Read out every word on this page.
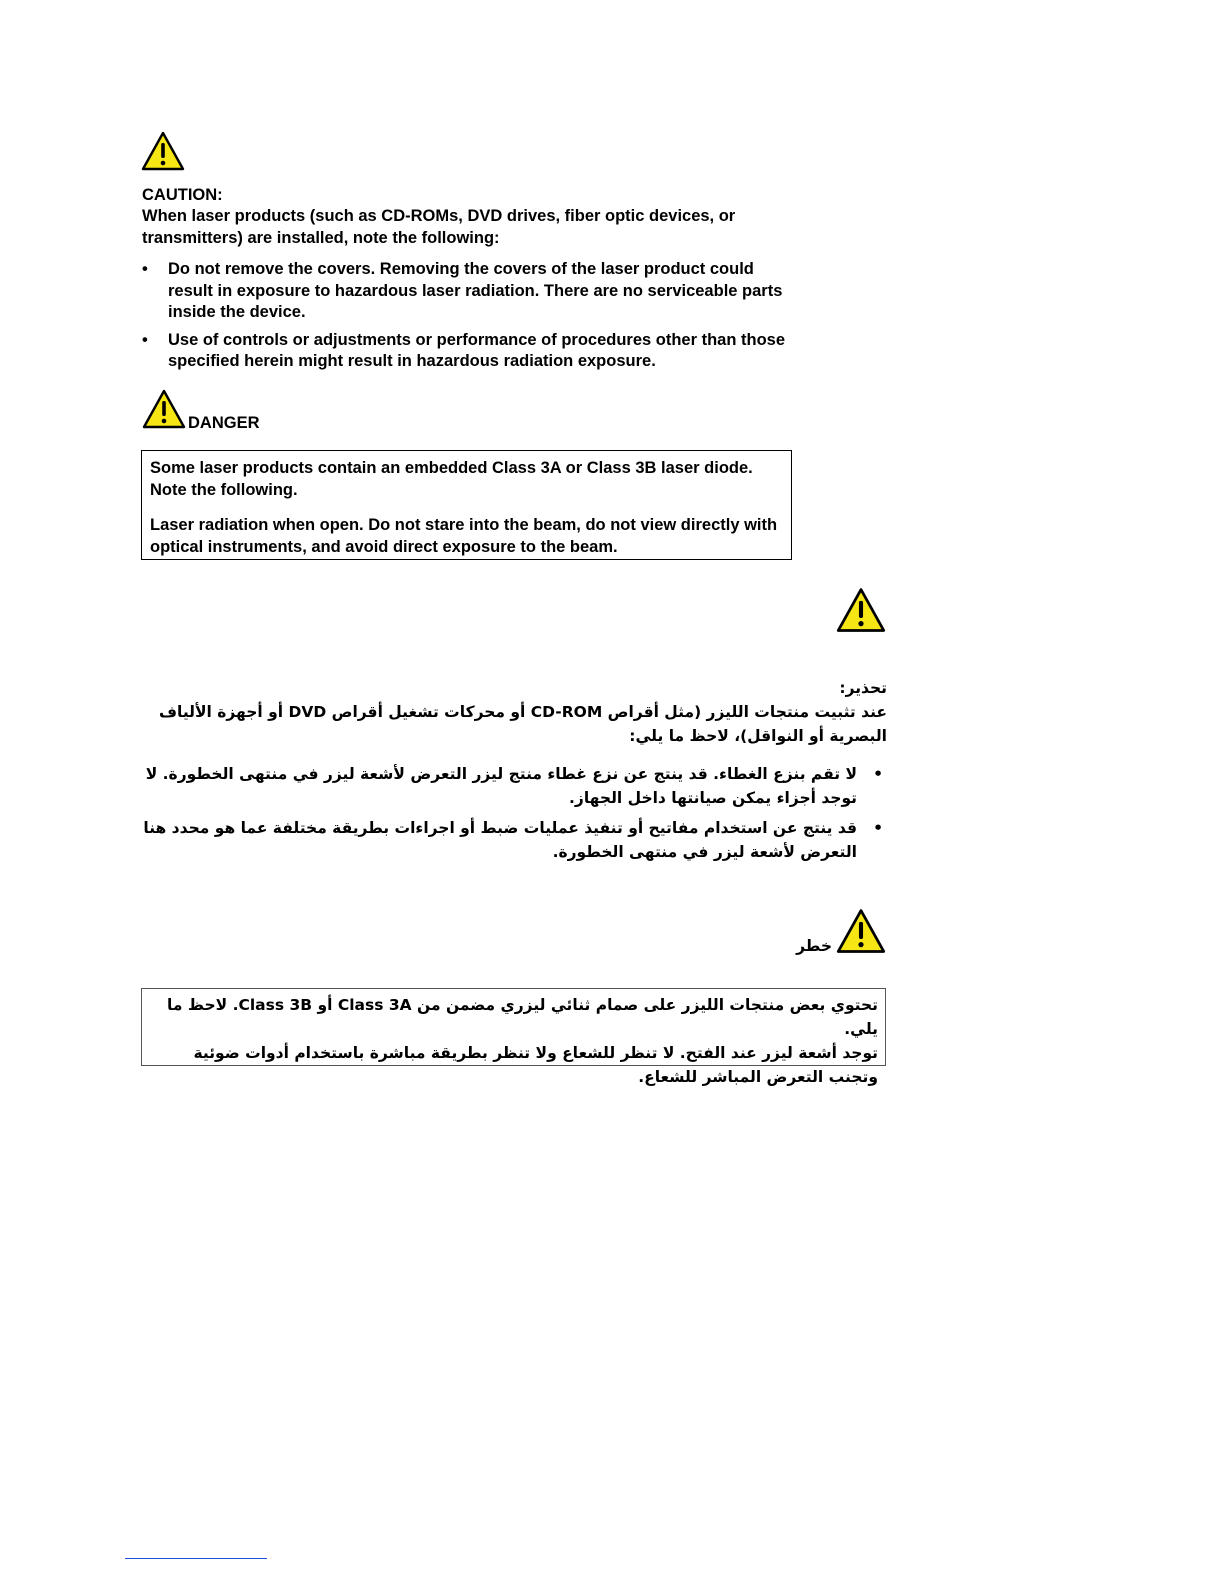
CAUTION:
When laser products (such as CD-ROMs, DVD drives, fiber optic devices, or transmitters) are installed, note the following:
• Do not remove the covers. Removing the covers of the laser product could result in exposure to hazardous laser radiation. There are no serviceable parts inside the device.
• Use of controls or adjustments or performance of procedures other than those specified herein might result in hazardous radiation exposure.
DANGER

Some laser products contain an embedded Class 3A or Class 3B laser diode. Note the following.

Laser radiation when open. Do not stare into the beam, do not view directly with optical instruments, and avoid direct exposure to the beam.

تحذير:
عند تثبيت منتجات الليزر (مثل أقراص CD-ROM أو محركات تشغيل أقراص DVD أو أجهزة الألياف البصرية أو النواقل)، لاحظ ما يلي:
•
لا تقم بنزع الغطاء. قد ينتج عن نزع غطاء منتج ليزر التعرض لأشعة ليزر في منتهى الخطورة. لا توجد أجزاء يمكن صيانتها داخل الجهاز.
•
قد ينتج عن استخدام مفاتيح أو تنفيذ عمليات ضبط أو اجراءات بطريقة مختلفة عما هو محدد هنا التعرض لأشعة ليزر في منتهى الخطورة.
خطر

تحتوي بعض منتجات الليزر على صمام ثنائي ليزري مضمن من Class 3A أو Class 3B. لاحظ ما يلي.

توجد أشعة ليزر عند الفتح. لا تنظر للشعاع ولا تنظر بطريقة مباشرة باستخدام أدوات ضوئية وتجنب التعرض المباشر للشعاع.
